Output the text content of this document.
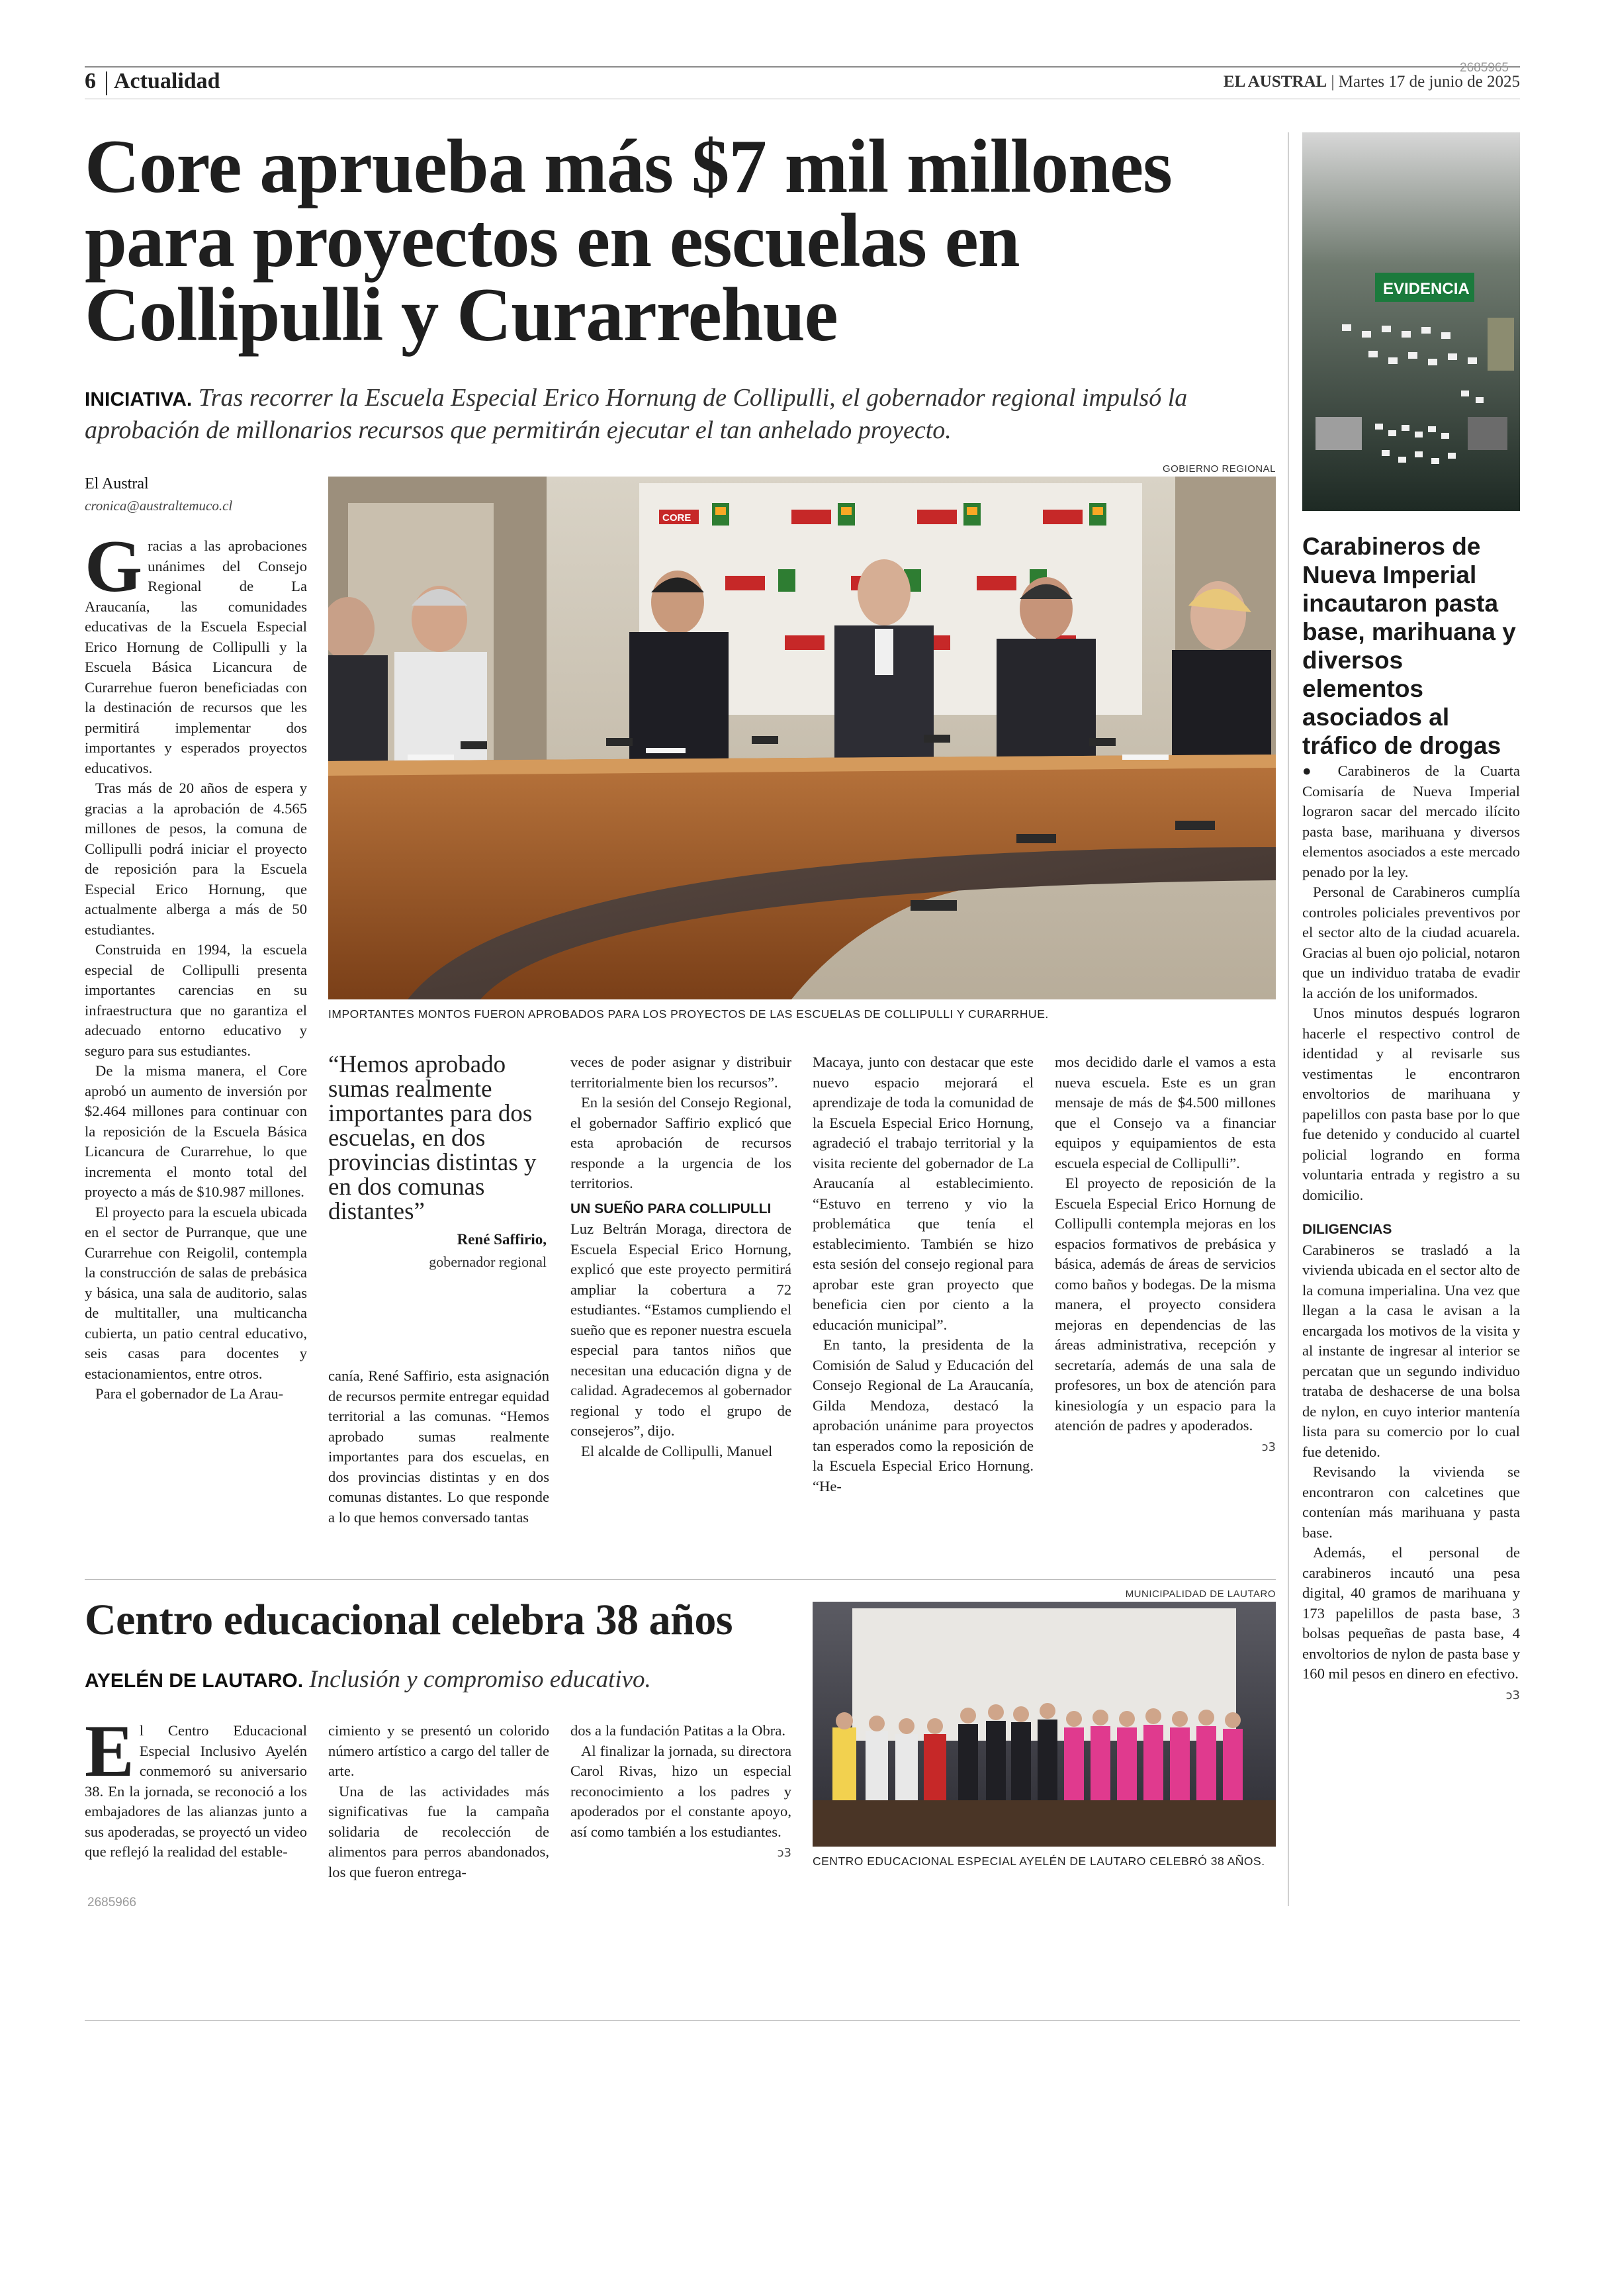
6 Actualidad	EL AUSTRAL | Martes 17 de junio de 2025
2685965
Core aprueba más $7 mil millones para proyectos en escuelas en Collipulli y Curarrehue
INICIATIVA. Tras recorrer la Escuela Especial Erico Hornung de Collipulli, el gobernador regional impulsó la aprobación de millonarios recursos que permitirán ejecutar el tan anhelado proyecto.
El Austral
cronica@australtemuco.cl
GOBIERNO REGIONAL
CORE
IMPORTANTES MONTOS FUERON APROBADOS PARA LOS PROYECTOS DE LAS ESCUELAS DE COLLIPULLI Y CURARRHUE.
G racias a las aprobaciones unánimes del Consejo Regional de La Araucanía, las comunidades educativas de la Escuela Especial Erico Hornung de Collipulli y la Escuela Básica Licancura de Curarrehue fueron beneficiadas con la destinación de recursos que les permitirá implementar dos importantes y esperados proyectos educativos.

Tras más de 20 años de espera y gracias a la aprobación de 4.565 millones de pesos, la comuna de Collipulli podrá iniciar el proyecto de reposición para la Escuela Especial Erico Hornung, que actualmente alberga a más de 50 estudiantes.

Construida en 1994, la escuela especial de Collipulli presenta importantes carencias en su infraestructura que no garantiza el adecuado entorno educativo y seguro para sus estudiantes.

De la misma manera, el Core aprobó un aumento de inversión por $2.464 millones para continuar con la reposición de la Escuela Básica Licancura de Curarrehue, lo que incrementa el monto total del proyecto a más de $10.987 millones.

El proyecto para la escuela ubicada en el sector de Purranque, que une Curarrehue con Reigolil, contempla la construcción de salas de prebásica y básica, una sala de auditorio, salas de multitaller, una multicancha cubierta, un patio central educativo, seis casas para docentes y estacionamientos, entre otros.

Para el gobernador de La Arau-

“Hemos aprobado sumas realmente importantes para dos escuelas, en dos provincias distintas y en dos comunas distantes”
René Saffirio,
gobernador regional

canía, René Saffirio, esta asignación de recursos permite entregar equidad territorial a las comunas. “Hemos aprobado sumas realmente importantes para dos escuelas, en dos provincias distintas y en dos comunas distantes. Lo que responde a lo que hemos conversado tantas

veces de poder asignar y distribuir territorialmente bien los recursos”.

En la sesión del Consejo Regional, el gobernador Saffirio explicó que esta aprobación de recursos responde a la urgencia de los territorios.

UN SUEÑO PARA COLLIPULLI

Luz Beltrán Moraga, directora de Escuela Especial Erico Hornung, explicó que este proyecto permitirá ampliar la cobertura a 72 estudiantes. “Estamos cumpliendo el sueño que es reponer nuestra escuela especial para tantos niños que necesitan una educación digna y de calidad. Agradecemos al gobernador regional y todo el grupo de consejeros”, dijo.

El alcalde de Collipulli, Manuel

Macaya, junto con destacar que este nuevo espacio mejorará el aprendizaje de toda la comunidad de la Escuela Especial Erico Hornung, agradeció el trabajo territorial y la visita reciente del gobernador de La Araucanía al establecimiento. “Estuvo en terreno y vio la problemática que tenía el establecimiento. También se hizo esta sesión del consejo regional para aprobar este gran proyecto que beneficia cien por ciento a la educación municipal”.

En tanto, la presidenta de la Comisión de Salud y Educación del Consejo Regional de La Araucanía, Gilda Mendoza, destacó la aprobación unánime para proyectos tan esperados como la reposición de la Escuela Especial Erico Hornung. “He-

mos decidido darle el vamos a esta nueva escuela. Este es un gran mensaje de más de $4.500 millones que el Consejo va a financiar equipos y equipamientos de esta escuela especial de Collipulli”.

El proyecto de reposición de la Escuela Especial Erico Hornung de Collipulli contempla mejoras en los espacios formativos de prebásica y básica, además de áreas de servicios como baños y bodegas. De la misma manera, el proyecto considera mejoras en dependencias de las áreas administrativa, recepción y secretaría, además de una sala de profesores, un box de atención para kinesiología y un espacio para la atención de padres y apoderados.

ↄ3

Centro educacional celebra 38 años
AYELÉN DE LAUTARO. Inclusión y compromiso educativo.
E l Centro Educacional Especial Inclusivo Ayelén conmemoró su aniversario 38. En la jornada, se reconoció a los embajadores de las alianzas junto a sus apoderadas, se proyectó un video que reflejó la realidad del estable-

2685966

cimiento y se presentó un colorido número artístico a cargo del taller de arte.

Una de las actividades más significativas fue la campaña solidaria de recolección de alimentos para perros abandonados, los que fueron entrega-

dos a la fundación Patitas a la Obra.

Al finalizar la jornada, su directora Carol Rivas, hizo un especial reconocimiento a los padres y apoderados por el constante apoyo, así como también a los estudiantes.

ↄ3

MUNICIPALIDAD DE LAUTARO
CENTRO EDUCACIONAL ESPECIAL AYELÉN DE LAUTARO CELEBRÓ 38 AÑOS.
EVIDENCIA
Carabineros de Nueva Imperial incautaron pasta base, marihuana y diversos elementos asociados al tráfico de drogas

● Carabineros de la Cuarta Comisaría de Nueva Imperial lograron sacar del mercado ilícito pasta base, marihuana y diversos elementos asociados a este mercado penado por la ley.

Personal de Carabineros cumplía controles policiales preventivos por el sector alto de la ciudad acuarela. Gracias al buen ojo policial, notaron que un individuo trataba de evadir la acción de los uniformados.

Unos minutos después lograron hacerle el respectivo control de identidad y al revisarle sus vestimentas le encontraron envoltorios de marihuana y papelillos con pasta base por lo que fue detenido y conducido al cuartel policial logrando en forma voluntaria entrada y registro a su domicilio.

DILIGENCIAS

Carabineros se trasladó a la vivienda ubicada en el sector alto de la comuna imperialina. Una vez que llegan a la casa le avisan a la encargada los motivos de la visita y al instante de ingresar al interior se percatan que un segundo individuo trataba de deshacerse de una bolsa de nylon, en cuyo interior mantenía lista para su comercio por lo cual fue detenido.

Revisando la vivienda se encontraron con calcetines que contenían más marihuana y pasta base.

Además, el personal de carabineros incautó una pesa digital, 40 gramos de marihuana y 173 papelillos de pasta base, 3 bolsas pequeñas de pasta base, 4 envoltorios de nylon de pasta base y 160 mil pesos en dinero en efectivo.

ↄ3
